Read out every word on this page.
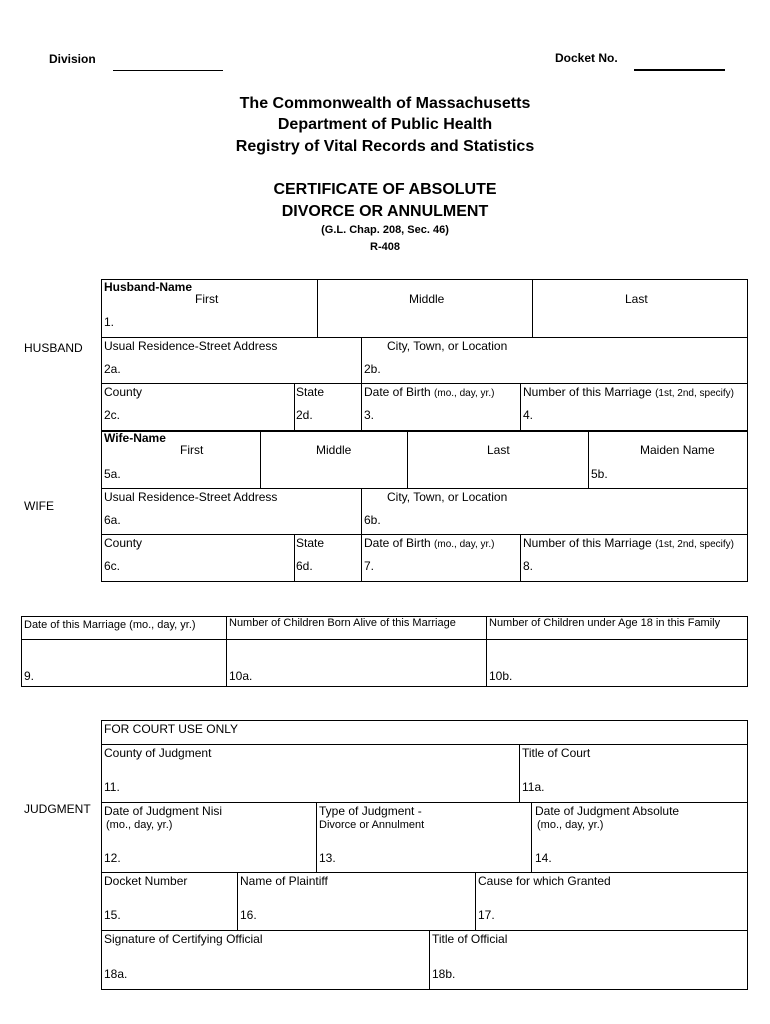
Division	Docket No.
The Commonwealth of Massachusetts
Department of Public Health
Registry of Vital Records and Statistics
CERTIFICATE OF ABSOLUTE
DIVORCE OR ANNULMENT
(G.L. Chap. 208, Sec. 46)
R-408
HUSBAND
Husband-Name
First	Middle	Last
1.
Usual Residence-Street Address	City, Town, or Location
2a.	2b.
County	State	Date of Birth (mo., day, yr.) Number of this Marriage (1st, 2nd, specify)
2c.	2d.	3.	4.
WIFE
Wife-Name
First	Middle	Last	Maiden Name
5a.	5b.
Usual Residence-Street Address	City, Town, or Location
6a.	6b.
County	State	Date of Birth (mo., day, yr.) Number of this Marriage (1st, 2nd, specify)
6c.	6d.	7.	8.
Date of this Marriage (mo., day, yr.)	Number of Children Born Alive of this Marriage	Number of Children under Age 18 in this Family
9.	10a.	10b.
JUDGMENT
FOR COURT USE ONLY
County of Judgment	Title of Court
11.	11a.
Date of Judgment Nisi
(mo., day, yr.)
Type of Judgment -
Divorce or Annulment
Date of Judgment Absolute
(mo., day, yr.)
12.	13.	14.
Docket Number	Name of Plaintiff	Cause for which Granted
15.	16.	17.
Signature of Certifying Official	Title of Official
18a.	18b.
